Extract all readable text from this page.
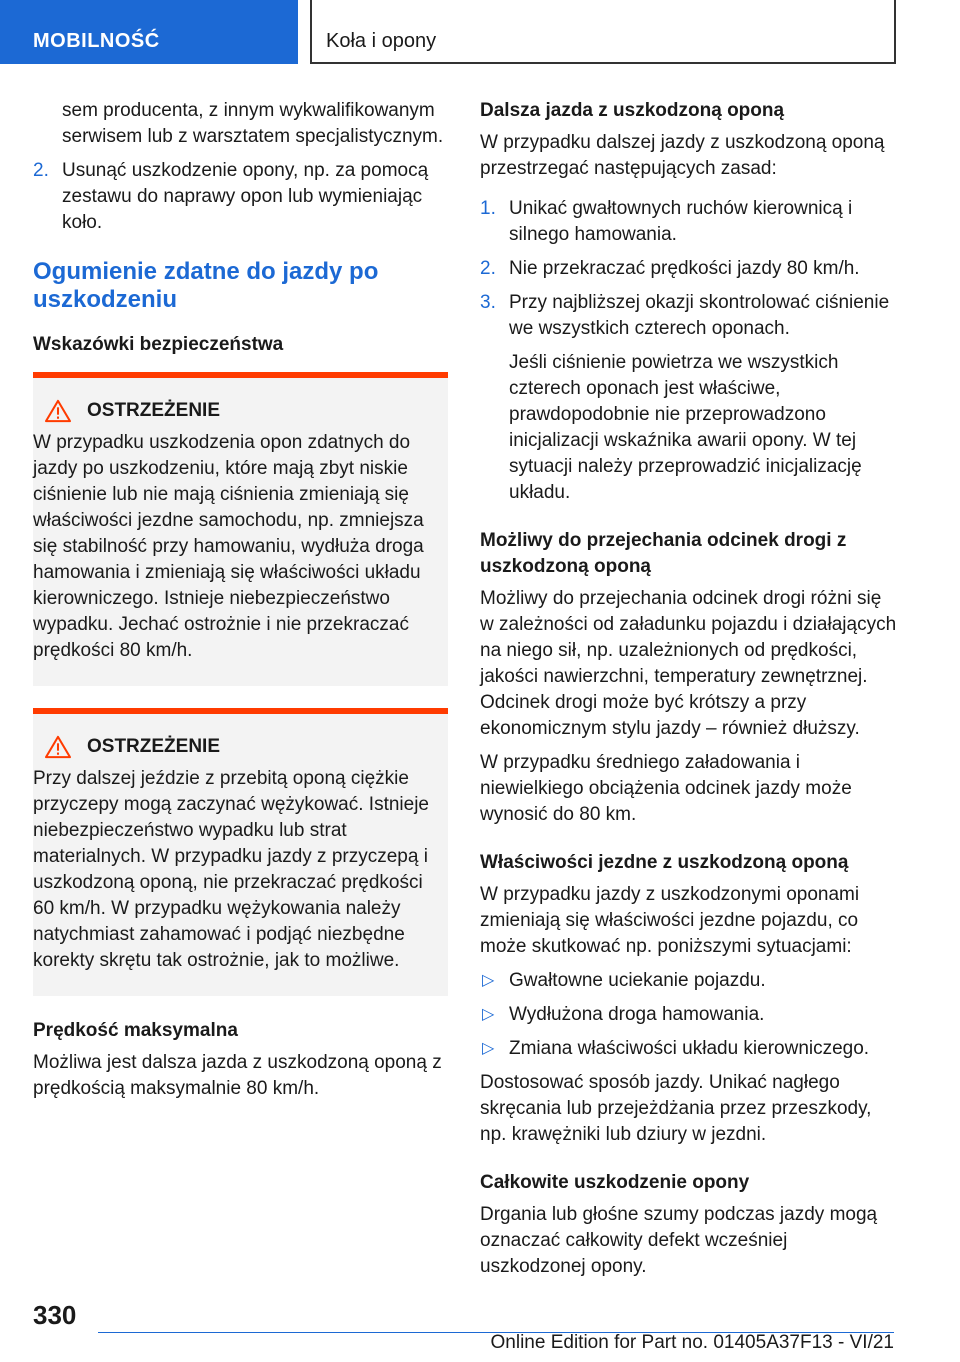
MOBILNOŚĆ	Koła i opony

sem producenta, z innym wykwalifikowanym serwisem lub z warsztatem specjalistycznym.

2. Usunąć uszkodzenie opony, np. za pomocą zestawu do naprawy opon lub wymieniając koło.
Ogumienie zdatne do jazdy po uszkodzeniu
Wskazówki bezpieczeństwa
OSTRZEŻENIE
W przypadku uszkodzenia opon zdatnych do jazdy po uszkodzeniu, które mają zbyt niskie ciśnienie lub nie mają ciśnienia zmieniają się właściwości jezdne samochodu, np. zmniejsza się stabilność przy hamowaniu, wydłuża droga hamowania i zmieniają się właściwości układu kierowniczego. Istnieje niebezpieczeństwo wypadku. Jechać ostrożnie i nie przekraczać prędkości 80 km/h.
OSTRZEŻENIE
Przy dalszej jeździe z przebitą oponą ciężkie przyczepy mogą zaczynać wężykować. Istnieje niebezpieczeństwo wypadku lub strat materialnych. W przypadku jazdy z przyczepą i uszkodzoną oponą, nie przekraczać prędkości 60 km/h. W przypadku wężykowania należy natychmiast zahamować i podjąć niezbędne korekty skrętu tak ostrożnie, jak to możliwe.
Prędkość maksymalna

Możliwa jest dalsza jazda z uszkodzoną oponą z prędkością maksymalnie 80 km/h.

Dalsza jazda z uszkodzoną oponą

W przypadku dalszej jazdy z uszkodzoną oponą przestrzegać następujących zasad:

1. Unikać gwałtownych ruchów kierownicą i silnego hamowania.
2. Nie przekraczać prędkości jazdy 80 km/h.
3. Przy najbliższej okazji skontrolować ciśnienie we wszystkich czterech oponach.

Jeśli ciśnienie powietrza we wszystkich czterech oponach jest właściwe, prawdopodobnie nie przeprowadzono inicjalizacji wskaźnika awarii opony. W tej sytuacji należy przeprowadzić inicjalizację układu.

Możliwy do przejechania odcinek drogi z uszkodzoną oponą

Możliwy do przejechania odcinek drogi różni się w zależności od załadunku pojazdu i działających na niego sił, np. uzależnionych od prędkości, jakości nawierzchni, temperatury zewnętrznej. Odcinek drogi może być krótszy a przy ekonomicznym stylu jazdy – również dłuższy.

W przypadku średniego załadowania i niewielkiego obciążenia odcinek jazdy może wynosić do 80 km.

Właściwości jezdne z uszkodzoną oponą

W przypadku jazdy z uszkodzonymi oponami zmieniają się właściwości jezdne pojazdu, co może skutkować np. poniższymi sytuacjami:

▷ Gwałtowne uciekanie pojazdu.
▷ Wydłużona droga hamowania.
▷ Zmiana właściwości układu kierowniczego.

Dostosować sposób jazdy. Unikać nagłego skręcania lub przejeżdżania przez przeszkody, np. krawężniki lub dziury w jezdni.

Całkowite uszkodzenie opony

Drgania lub głośne szumy podczas jazdy mogą oznaczać całkowity defekt wcześniej uszkodzonej opony.

330
Online Edition for Part no. 01405A37F13 - VI/21
